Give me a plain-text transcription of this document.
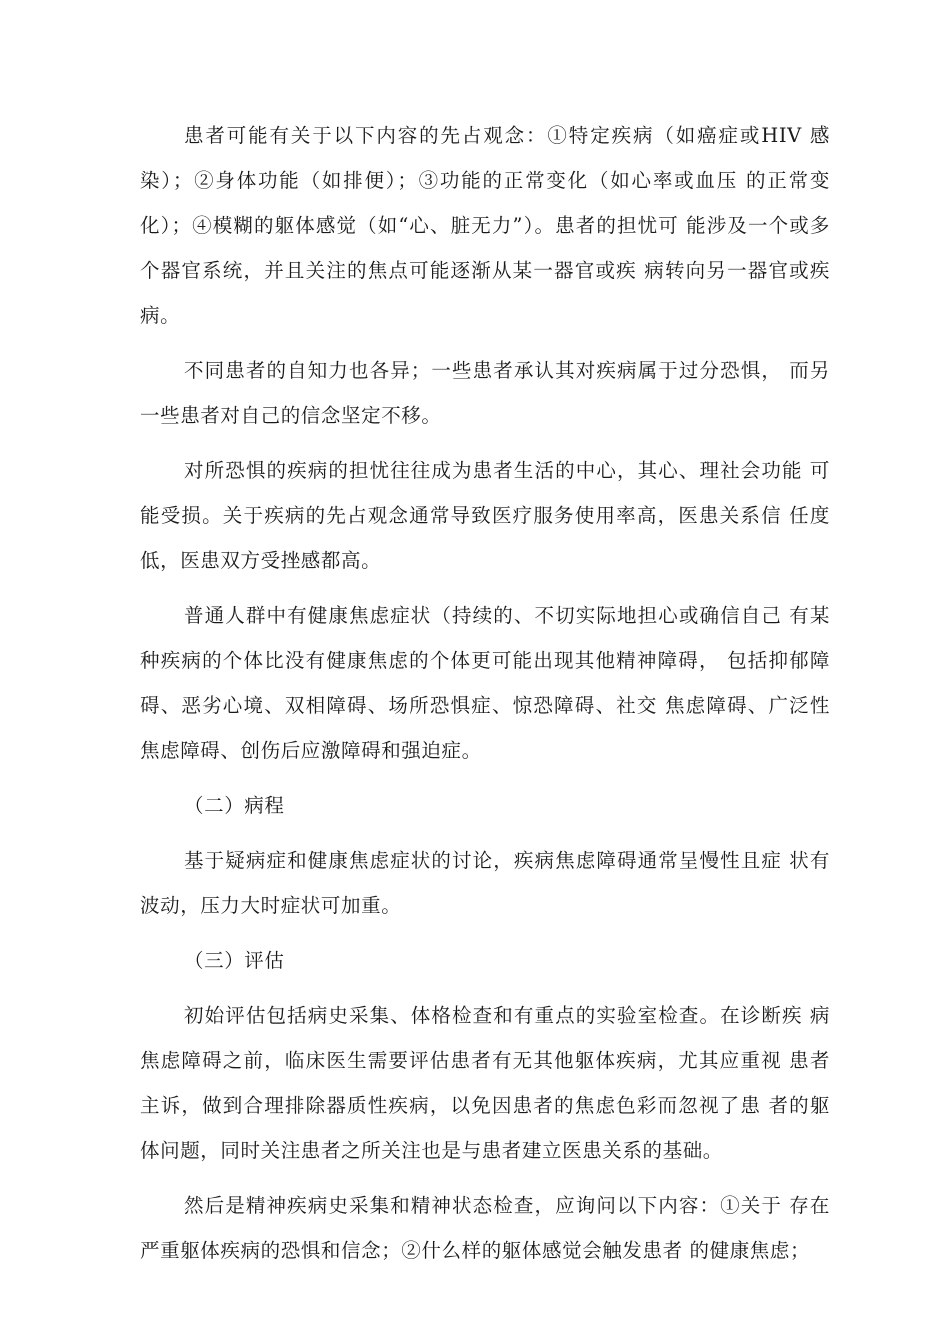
患者可能有关于以下内容的先占观念：①特定疾病（如癌症或HIV 感染）；②身体功能（如排便）；③功能的正常变化（如心率或血压 的正常变化）；④模糊的躯体感觉（如“心、脏无力”）。患者的担忧可 能涉及一个或多个器官系统，并且关注的焦点可能逐渐从某一器官或疾 病转向另一器官或疾病。

不同患者的自知力也各异；一些患者承认其对疾病属于过分恐惧， 而另一些患者对自己的信念坚定不移。

对所恐惧的疾病的担忧往往成为患者生活的中心，其心、理社会功能 可能受损。关于疾病的先占观念通常导致医疗服务使用率高，医患关系信 任度低，医患双方受挫感都高。

普通人群中有健康焦虑症状（持续的、不切实际地担心或确信自己 有某种疾病的个体比没有健康焦虑的个体更可能出现其他精神障碍， 包括抑郁障碍、恶劣心境、双相障碍、场所恐惧症、惊恐障碍、社交 焦虑障碍、广泛性焦虑障碍、创伤后应激障碍和强迫症。

（二）病程

基于疑病症和健康焦虑症状的讨论，疾病焦虑障碍通常呈慢性且症 状有波动，压力大时症状可加重。

（三）评估

初始评估包括病史采集、体格检查和有重点的实验室检查。在诊断疾 病焦虑障碍之前，临床医生需要评估患者有无其他躯体疾病，尤其应重视 患者主诉，做到合理排除器质性疾病，以免因患者的焦虑色彩而忽视了患 者的躯体问题，同时关注患者之所关注也是与患者建立医患关系的基础。

然后是精神疾病史采集和精神状态检查，应询问以下内容：①关于 存在严重躯体疾病的恐惧和信念；②什么样的躯体感觉会触发患者 的健康焦虑；
